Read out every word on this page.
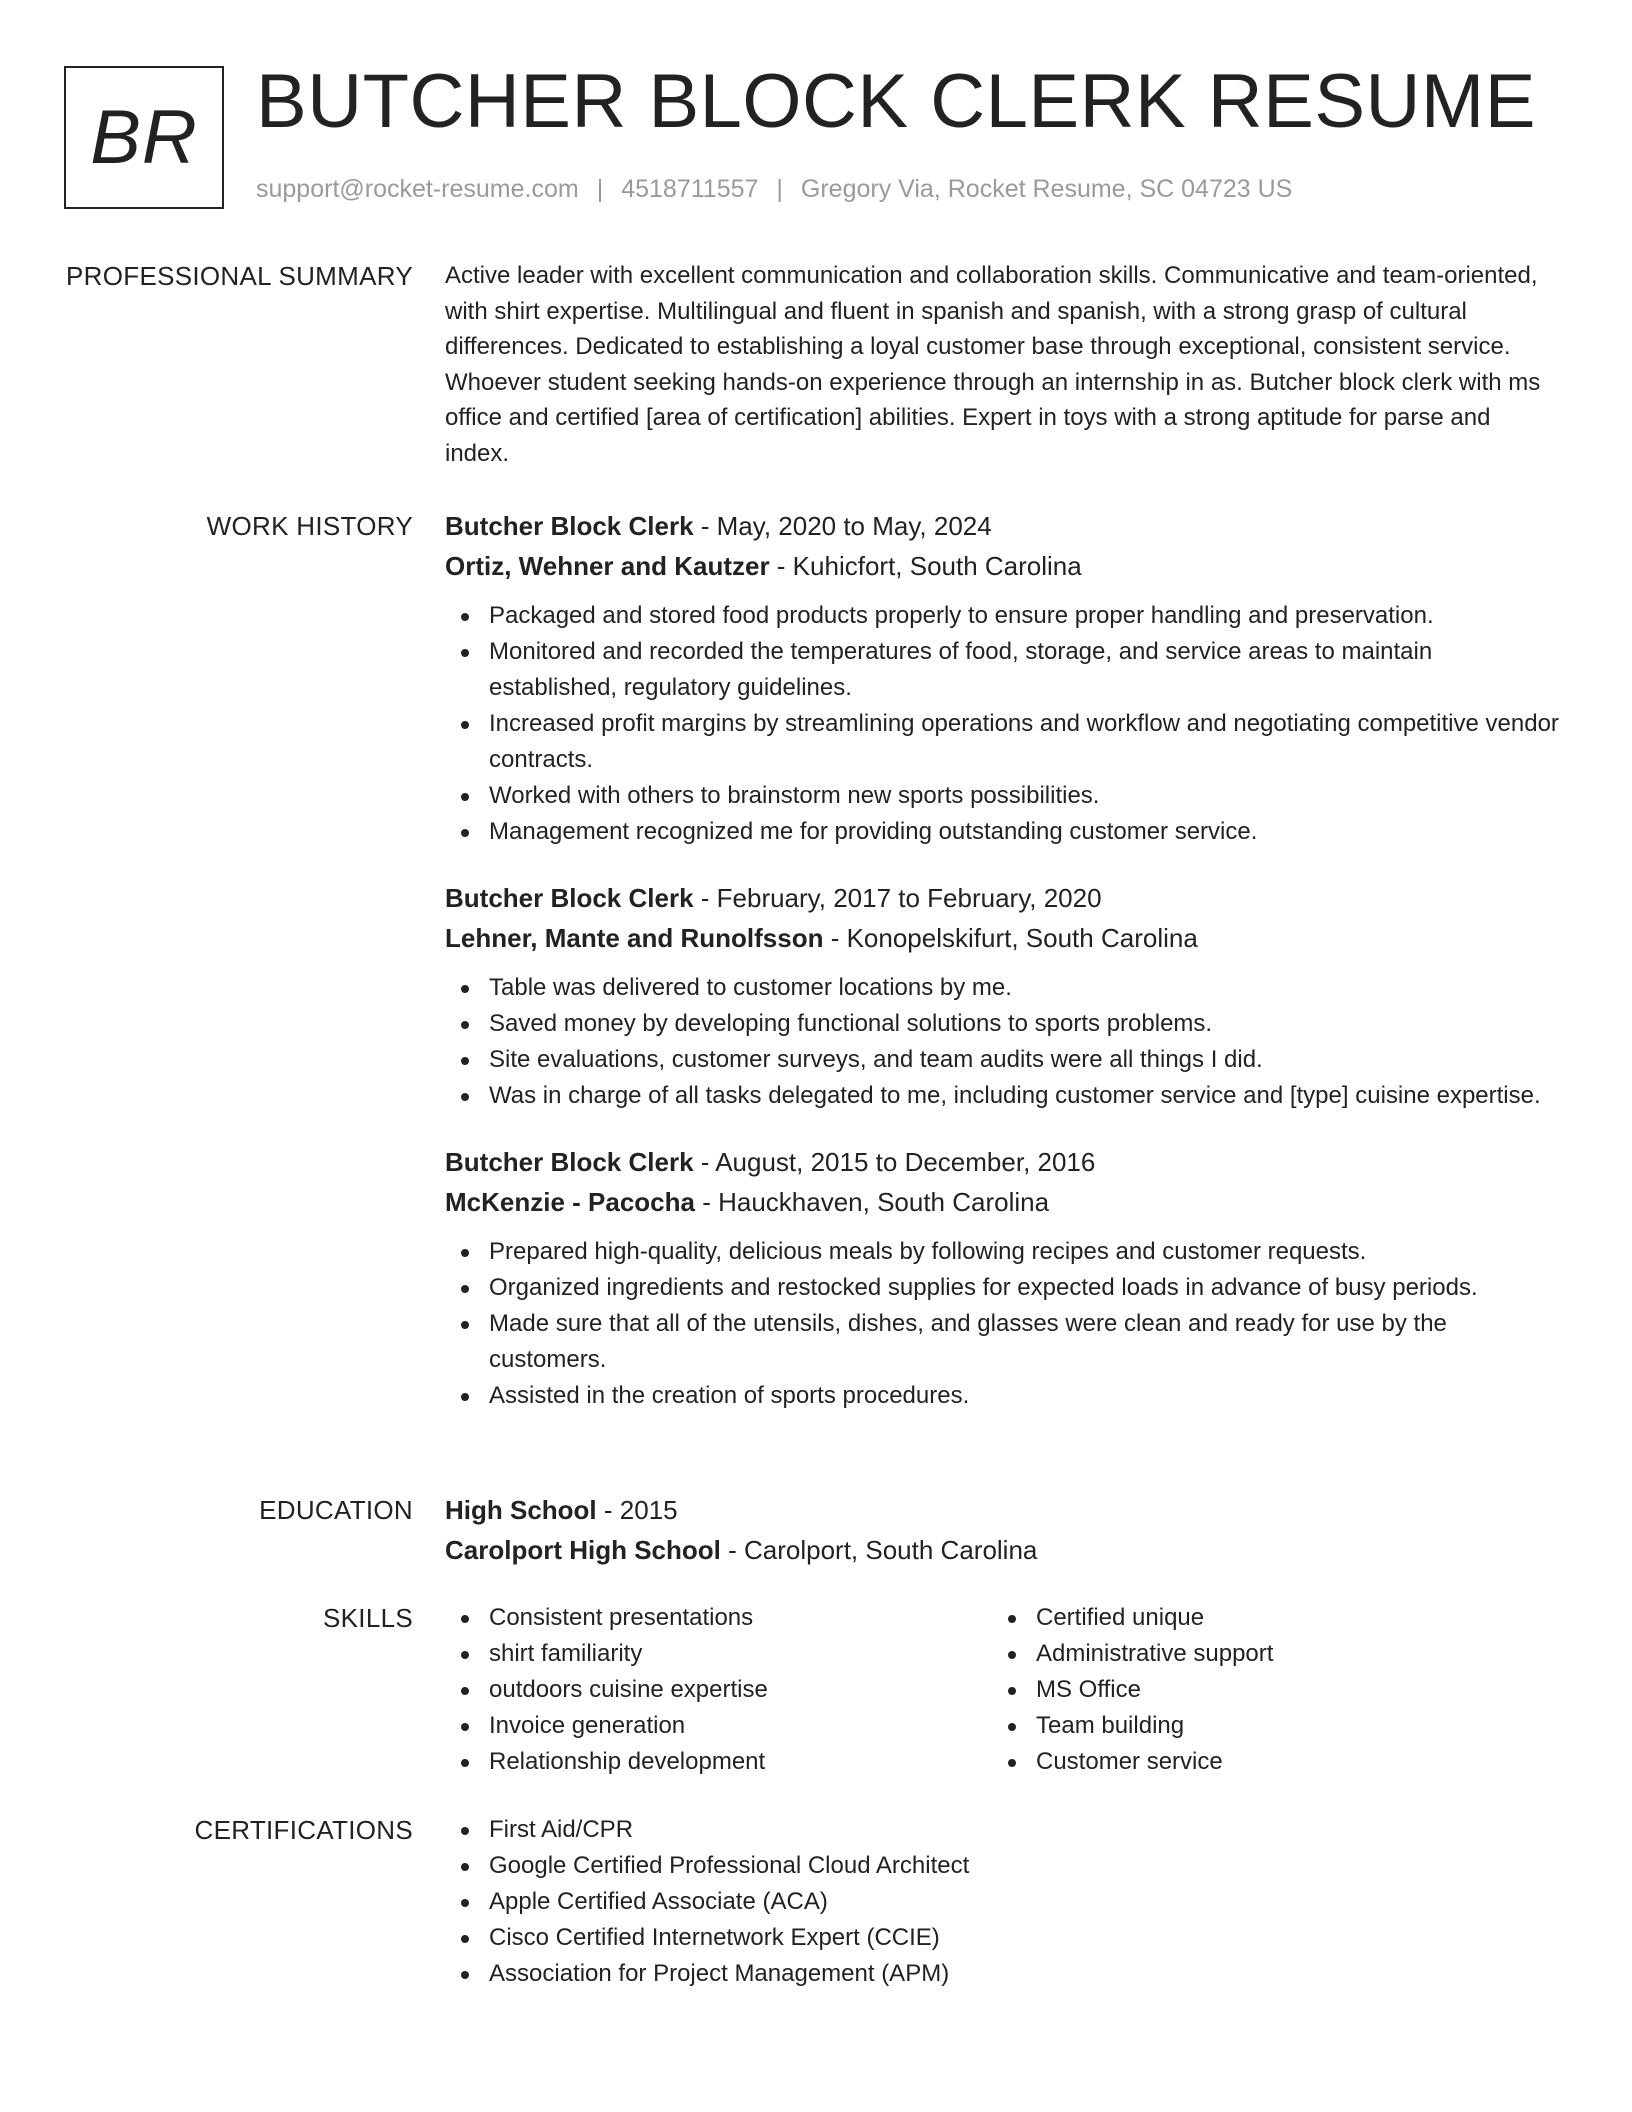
BR BUTCHER BLOCK CLERK RESUME
support@rocket-resume.com | 4518711557 | Gregory Via, Rocket Resume, SC 04723 US
PROFESSIONAL SUMMARY Active leader with excellent communication and collaboration skills. Communicative and team-oriented, with shirt expertise. Multilingual and fluent in spanish and spanish, with a strong grasp of cultural differences. Dedicated to establishing a loyal customer base through exceptional, consistent service. Whoever student seeking hands-on experience through an internship in as. Butcher block clerk with ms office and certified [area of certification] abilities. Expert in toys with a strong aptitude for parse and index.
WORK HISTORY Butcher Block Clerk - May, 2020 to May, 2024
Ortiz, Wehner and Kautzer - Kuhicfort, South Carolina
Packaged and stored food products properly to ensure proper handling and preservation.
Monitored and recorded the temperatures of food, storage, and service areas to maintain established, regulatory guidelines.
Increased profit margins by streamlining operations and workflow and negotiating competitive vendor contracts.
Worked with others to brainstorm new sports possibilities.
Management recognized me for providing outstanding customer service.
Butcher Block Clerk - February, 2017 to February, 2020
Lehner, Mante and Runolfsson - Konopelskifurt, South Carolina
Table was delivered to customer locations by me.
Saved money by developing functional solutions to sports problems.
Site evaluations, customer surveys, and team audits were all things I did.
Was in charge of all tasks delegated to me, including customer service and [type] cuisine expertise.
Butcher Block Clerk - August, 2015 to December, 2016
McKenzie - Pacocha - Hauckhaven, South Carolina
Prepared high-quality, delicious meals by following recipes and customer requests.
Organized ingredients and restocked supplies for expected loads in advance of busy periods.
Made sure that all of the utensils, dishes, and glasses were clean and ready for use by the customers.
Assisted in the creation of sports procedures.
EDUCATION High School - 2015
Carolport High School - Carolport, South Carolina
SKILLS	Consistent presentations
shirt familiarity
outdoors cuisine expertise
Invoice generation
Relationship development
Certified unique
Administrative support
MS Office
Team building
Customer service
CERTIFICATIONS	First Aid/CPR
Google Certified Professional Cloud Architect
Apple Certified Associate (ACA)
Cisco Certified Internetwork Expert (CCIE)
Association for Project Management (APM)
